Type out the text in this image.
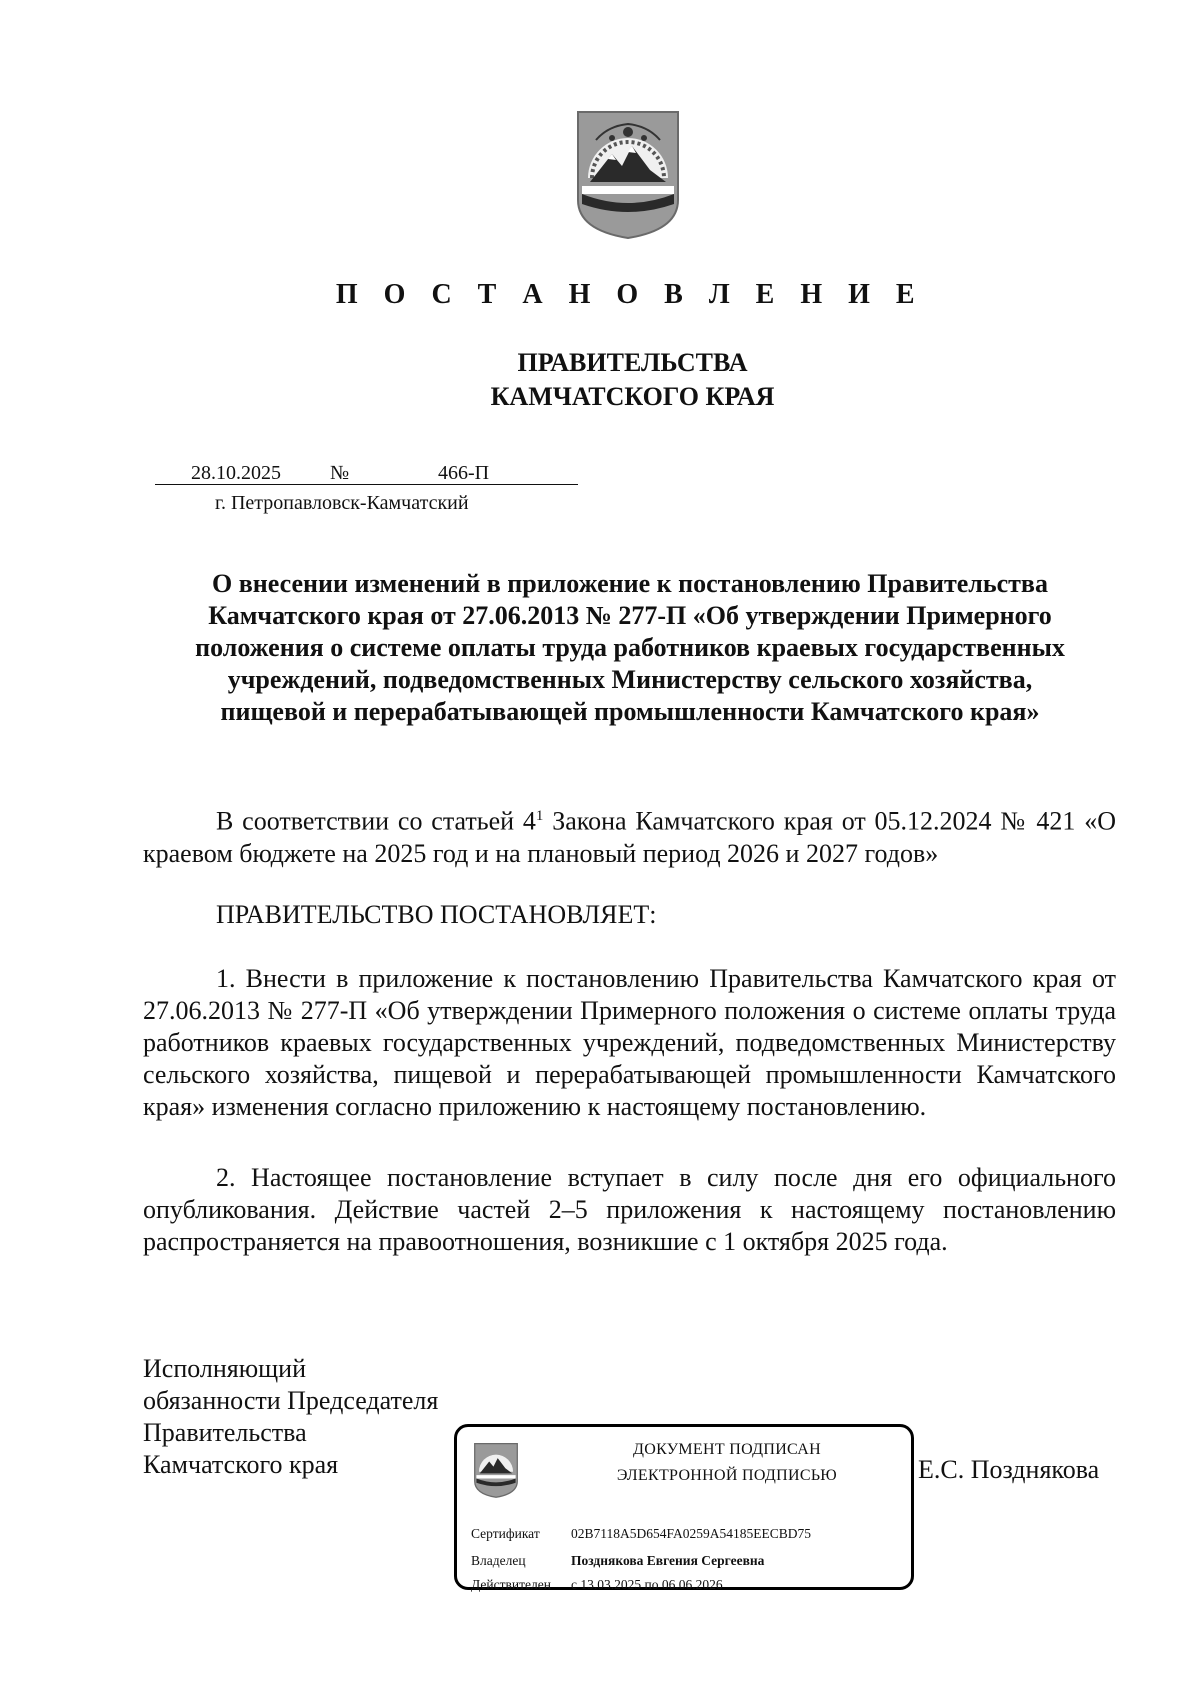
П О С Т А Н О В Л Е Н И Е
ПРАВИТЕЛЬСТВА
КАМЧАТСКОГО КРАЯ
28.10.2025 №	466-П
г. Петропавловск-Камчатский
О внесении изменений в приложение к постановлению Правительства
Камчатского края от 27.06.2013 № 277-П «Об утверждении Примерного
положения о системе оплаты труда работников краевых государственных
учреждений, подведомственных Министерству сельского хозяйства,
пищевой и перерабатывающей промышленности Камчатского края»
В соответствии со статьей $4^1$ Закона Камчатского края от 05.12.2024 № 421 «О краевом бюджете на 2025 год и на плановый период 2026 и 2027 годов»
ПРАВИТЕЛЬСТВО ПОСТАНОВЛЯЕТ:
1. Внести в приложение к постановлению Правительства Камчатского края от 27.06.2013 № 277-П «Об утверждении Примерного положения о системе оплаты труда работников краевых государственных учреждений, подведомственных Министерству сельского хозяйства, пищевой и перерабатывающей промышленности Камчатского края» изменения согласно приложению к настоящему постановлению.
2. Настоящее постановление вступает в силу после дня его официального опубликования. Действие частей 2–5 приложения к настоящему постановлению распространяется на правоотношения, возникшие с 1 октября 2025 года.
Исполняющий
обязанности Председателя
Правительства
Камчатского края	Е.С. Позднякова
ДОКУМЕНТ ПОДПИСАН
ЭЛЕКТРОННОЙ ПОДПИСЬЮ
Сертификат 02B7118A5D654FA0259A54185EECBD75
Владелец	Позднякова Евгения Сергеевна
Действителен с 13.03.2025 по 06.06.2026
